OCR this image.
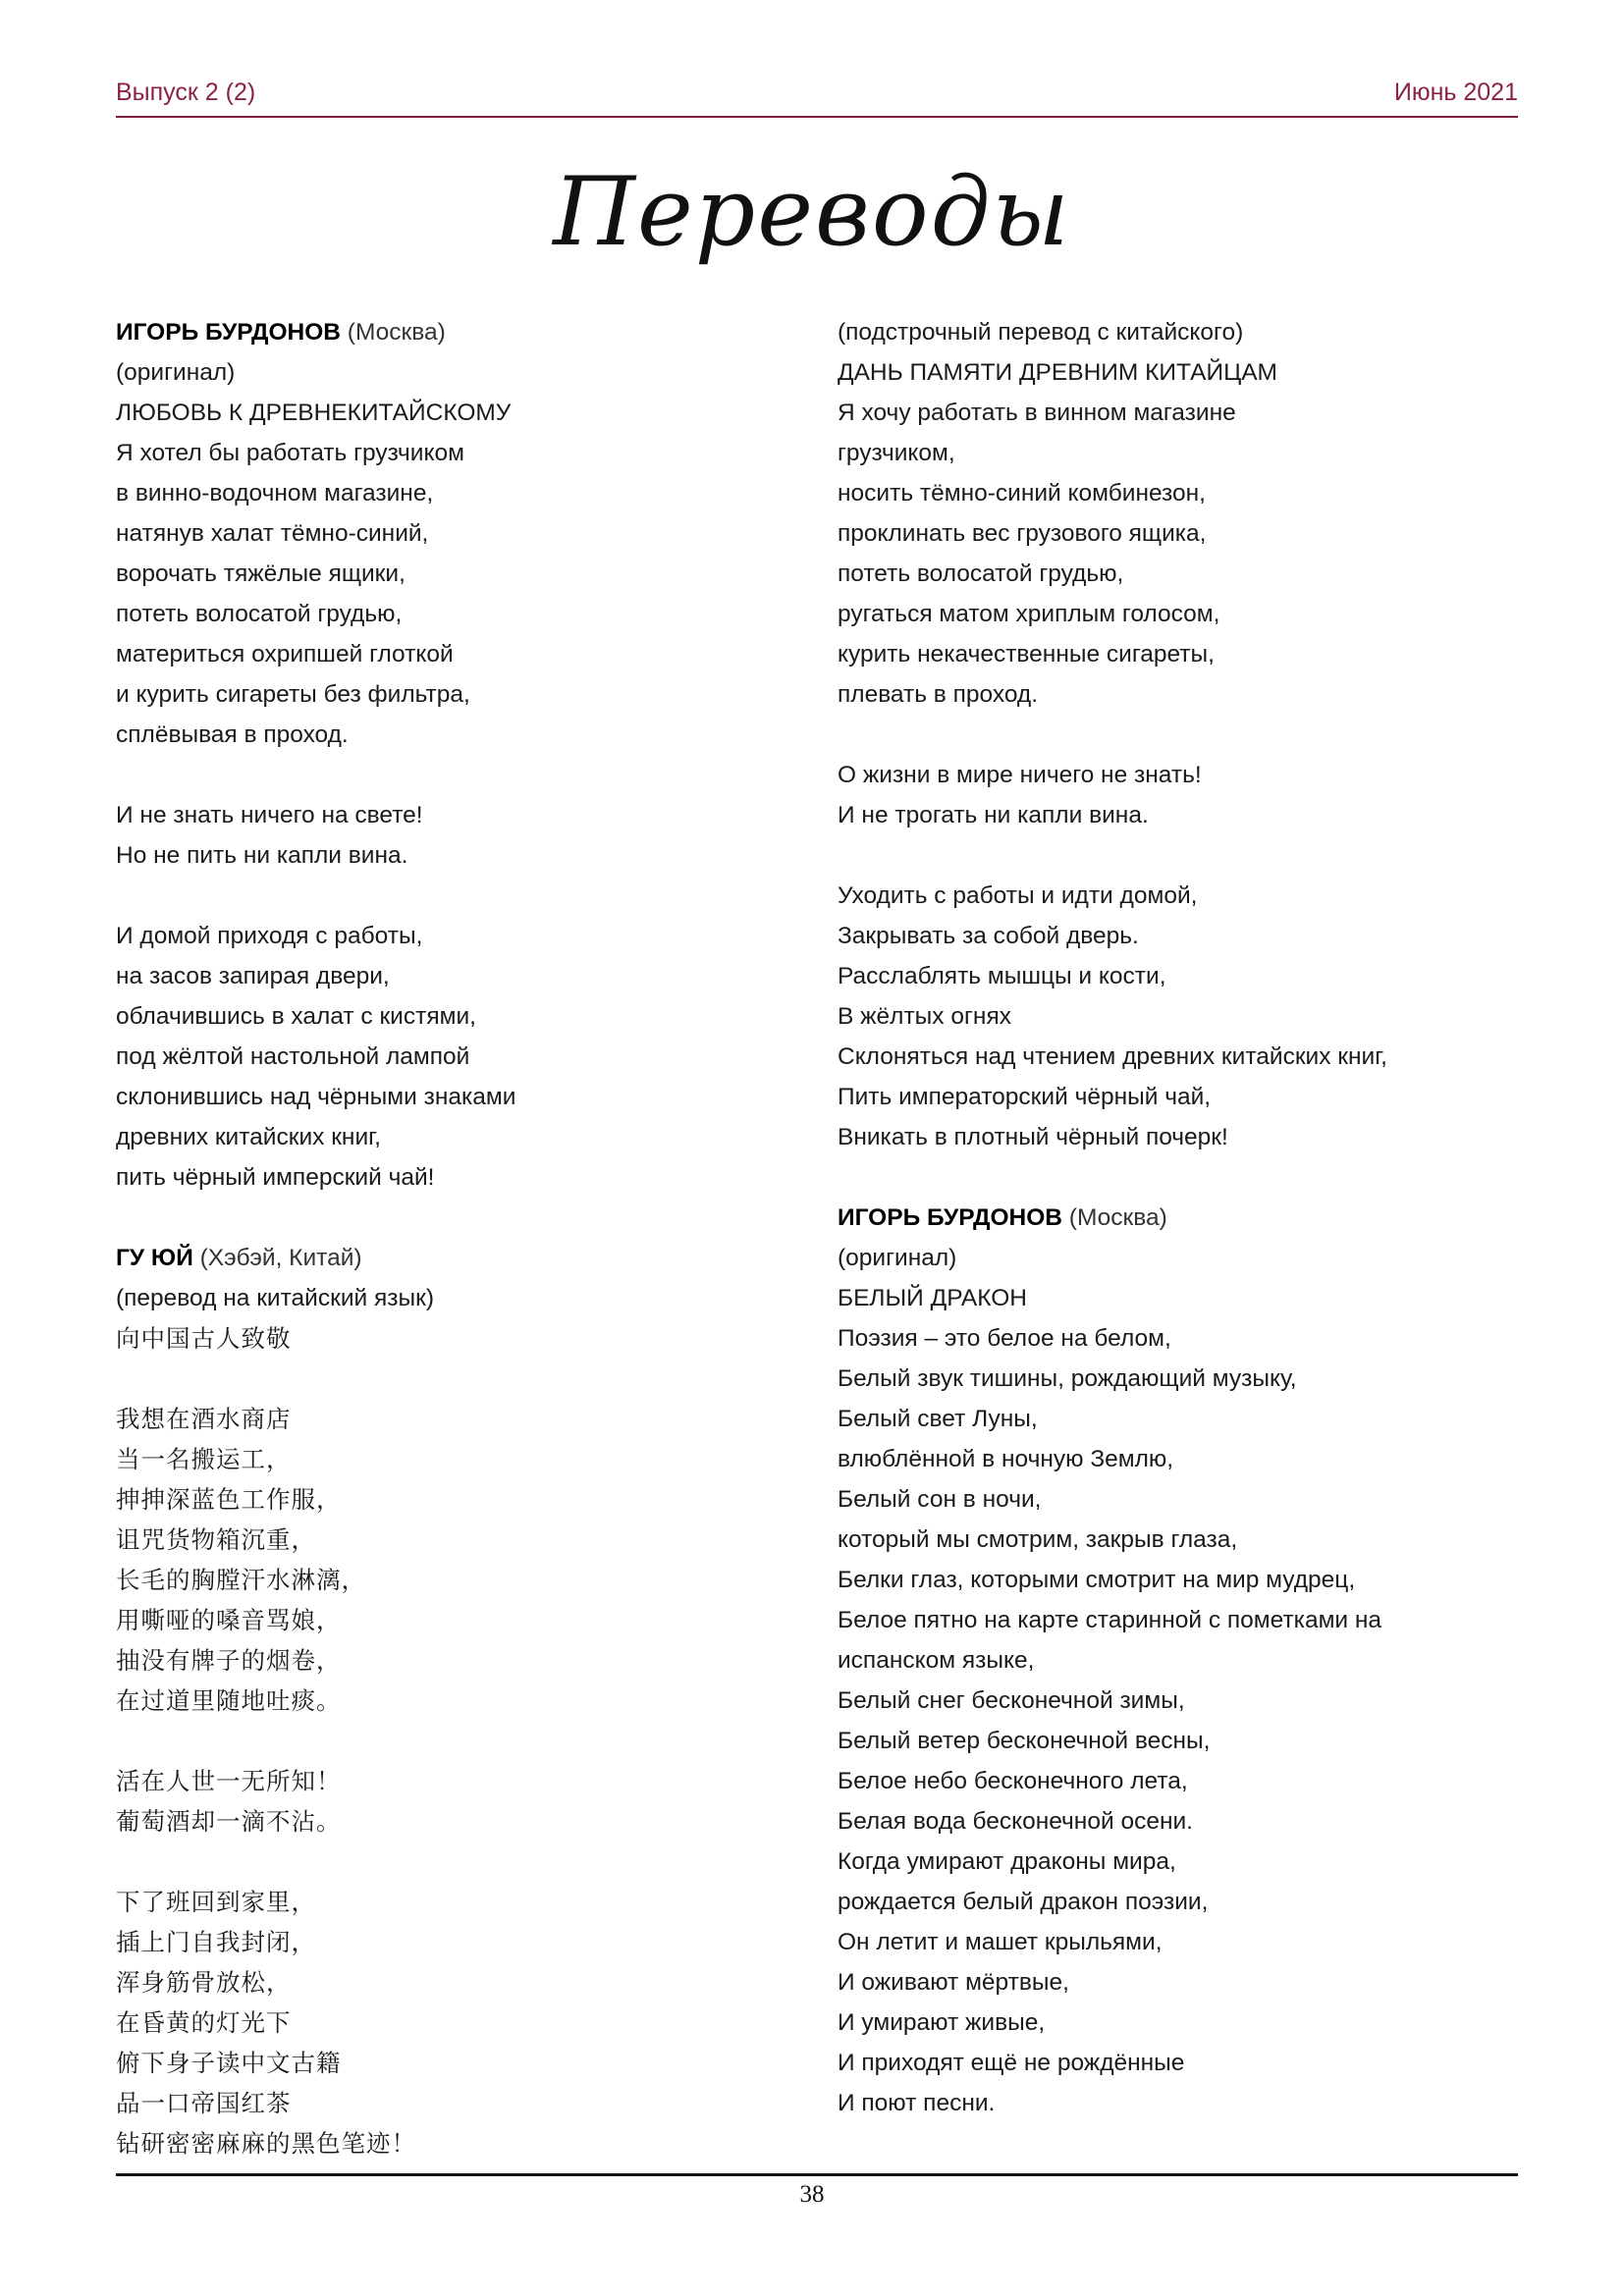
Выпуск 2 (2)	Июнь 2021
Переводы
ИГОРЬ БУРДОНОВ (Москва)
(оригинал)
ЛЮБОВЬ К ДРЕВНЕКИТАЙСКОМУ
Я хотел бы работать грузчиком
в винно-водочном магазине,
натянув халат тёмно-синий,
ворочать тяжёлые ящики,
потеть волосатой грудью,
материться охрипшей глоткой
и курить сигареты без фильтра,
сплёвывая в проход.
И не знать ничего на свете!
Но не пить ни капли вина.
И домой приходя с работы,
на засов запирая двери,
облачившись в халат с кистями,
под жёлтой настольной лампой
склонившись над чёрными знаками
древних китайских книг,
пить чёрный имперский чай!
ГУ ЮЙ (Хэбэй, Китай)
(перевод на китайский язык)
向中国古人致敬
我想在酒水商店
当一名搬运工，
抻抻深蓝色工作服，
诅咒货物箱沉重，
长毛的胸膛汗水淋漓，
用嘶哑的嗓音骂娘，
抽没有牌子的烟卷，
在过道里随地吐痰。
活在人世一无所知！
葡萄酒却一滴不沾。
下了班回到家里，
插上门自我封闭，
浑身筋骨放松，
在昏黄的灯光下
俯下身子读中文古籍
品一口帝国红茶
钻研密密麻麻的黑色笔迹！
(подстрочный перевод с китайского)
ДАНЬ ПАМЯТИ ДРЕВНИМ КИТАЙЦАМ
Я хочу работать в винном магазине
грузчиком,
носить тёмно-синий комбинезон,
проклинать вес грузового ящика,
потеть волосатой грудью,
ругаться матом хриплым голосом,
курить некачественные сигареты,
плевать в проход.
О жизни в мире ничего не знать!
И не трогать ни капли вина.
Уходить с работы и идти домой,
Закрывать за собой дверь.
Расслаблять мышцы и кости,
В жёлтых огнях
Склоняться над чтением древних китайских книг,
Пить императорский чёрный чай,
Вникать в плотный чёрный почерк!
ИГОРЬ БУРДОНОВ (Москва)
(оригинал)
БЕЛЫЙ ДРАКОН
Поэзия – это белое на белом,
Белый звук тишины, рождающий музыку,
Белый свет Луны,
влюблённой в ночную Землю,
Белый сон в ночи,
который мы смотрим, закрыв глаза,
Белки глаз, которыми смотрит на мир мудрец,
Белое пятно на карте старинной с пометками на
испанском языке,
Белый снег бесконечной зимы,
Белый ветер бесконечной весны,
Белое небо бесконечного лета,
Белая вода бесконечной осени.
Когда умирают драконы мира,
рождается белый дракон поэзии,
Он летит и машет крыльями,
И оживают мёртвые,
И умирают живые,
И приходят ещё не рождённые
И поют песни.
38
